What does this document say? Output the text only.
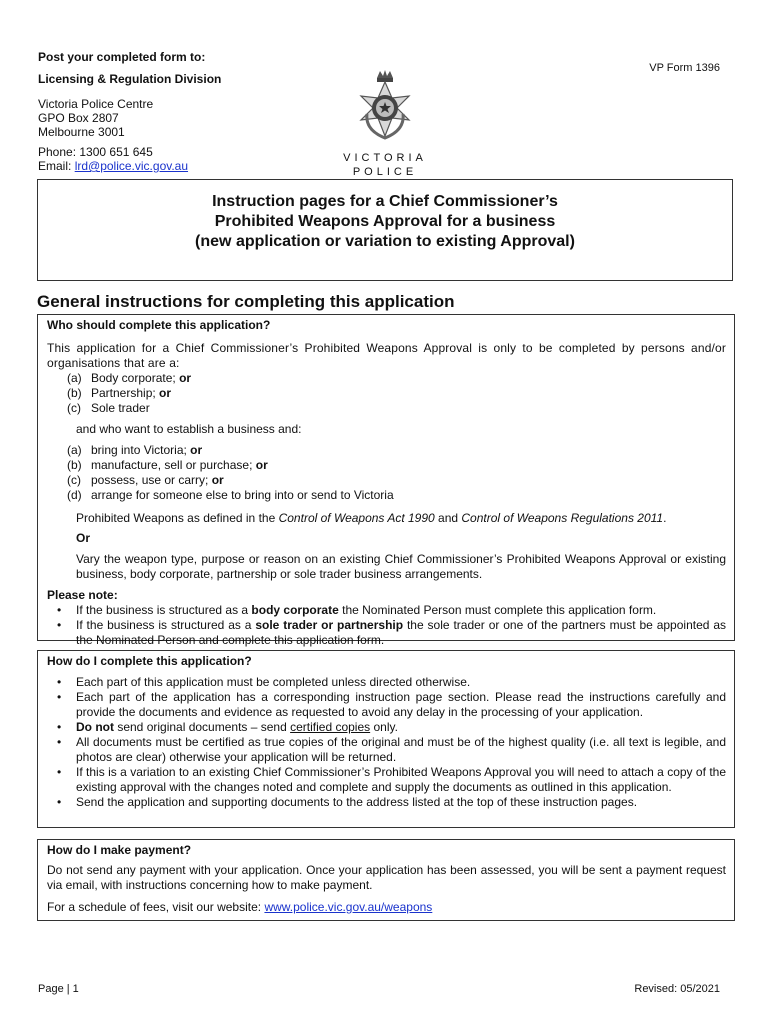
Post your completed form to:
Licensing & Regulation Division
Victoria Police Centre
GPO Box 2807
Melbourne 3001
Phone: 1300 651 645
Email: lrd@police.vic.gov.au
VP Form 1396
VICTORIA POLICE
Instruction pages for a Chief Commissioner’s
Prohibited Weapons Approval for a business
(new application or variation to existing Approval)
General instructions for completing this application
Who should complete this application?

This application for a Chief Commissioner’s Prohibited Weapons Approval is only to be completed by persons and/or organisations that are a:

(a) Body corporate; or
(b) Partnership; or
(c) Sole trader

and who want to establish a business and:

(a) bring into Victoria; or
(b) manufacture, sell or purchase; or
(c) possess, use or carry; or
(d) arrange for someone else to bring into or send to Victoria

Prohibited Weapons as defined in the Control of Weapons Act 1990 and Control of Weapons Regulations 2011.

Or

Vary the weapon type, purpose or reason on an existing Chief Commissioner’s Prohibited Weapons Approval or existing business, body corporate, partnership or sole trader business arrangements.

Please note:

• If the business is structured as a body corporate the Nominated Person must complete this application form.
• If the business is structured as a sole trader or partnership the sole trader or one of the partners must be appointed as the Nominated Person and complete this application form.
How do I complete this application?
• Each part of this application must be completed unless directed otherwise.
• Each part of the application has a corresponding instruction page section. Please read the instructions carefully and provide the documents and evidence as requested to avoid any delay in the processing of your application.
• Do not send original documents – send certified copies only.
• All documents must be certified as true copies of the original and must be of the highest quality (i.e. all text is legible, and photos are clear) otherwise your application will be returned.
• If this is a variation to an existing Chief Commissioner’s Prohibited Weapons Approval you will need to attach a copy of the existing approval with the changes noted and complete and supply the documents as outlined in this application.
• Send the application and supporting documents to the address listed at the top of these instruction pages.
How do I make payment?

Do not send any payment with your application. Once your application has been assessed, you will be sent a payment request via email, with instructions concerning how to make payment.

For a schedule of fees, visit our website: www.police.vic.gov.au/weapons

Page | 1	Revised: 05/2021
